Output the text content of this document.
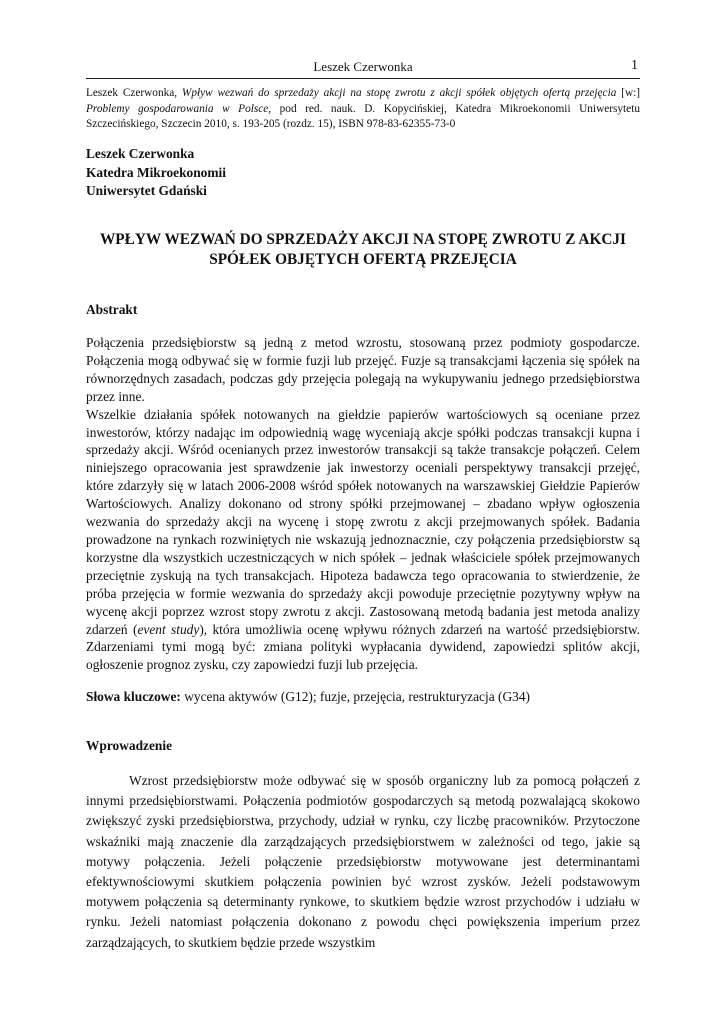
Leszek Czerwonka	1
Leszek Czerwonka, Wpływ wezwań do sprzedaży akcji na stopę zwrotu z akcji spółek objętych ofertą przejęcia [w:] Problemy gospodarowania w Polsce, pod red. nauk. D. Kopycińskiej, Katedra Mikroekonomii Uniwersytetu Szczecińskiego, Szczecin 2010, s. 193-205 (rozdz. 15), ISBN 978-83-62355-73-0
Leszek Czerwonka
Katedra Mikroekonomii
Uniwersytet Gdański
WPŁYW WEZWAŃ DO SPRZEDAŻY AKCJI NA STOPĘ ZWROTU Z AKCJI SPÓŁEK OBJĘTYCH OFERTĄ PRZEJĘCIA
Abstrakt

Połączenia przedsiębiorstw są jedną z metod wzrostu, stosowaną przez podmioty gospodarcze. Połączenia mogą odbywać się w formie fuzji lub przejęć. Fuzje są transakcjami łączenia się spółek na równorzędnych zasadach, podczas gdy przejęcia polegają na wykupywaniu jednego przedsiębiorstwa przez inne.

Wszelkie działania spółek notowanych na giełdzie papierów wartościowych są oceniane przez inwestorów, którzy nadając im odpowiednią wagę wyceniają akcje spółki podczas transakcji kupna i sprzedaży akcji. Wśród ocenianych przez inwestorów transakcji są także transakcje połączeń. Celem niniejszego opracowania jest sprawdzenie jak inwestorzy oceniali perspektywy transakcji przejęć, które zdarzyły się w latach 2006-2008 wśród spółek notowanych na warszawskiej Giełdzie Papierów Wartościowych. Analizy dokonano od strony spółki przejmowanej – zbadano wpływ ogłoszenia wezwania do sprzedaży akcji na wycenę i stopę zwrotu z akcji przejmowanych spółek. Badania prowadzone na rynkach rozwiniętych nie wskazują jednoznacznie, czy połączenia przedsiębiorstw są korzystne dla wszystkich uczestniczących w nich spółek – jednak właściciele spółek przejmowanych przeciętnie zyskują na tych transakcjach. Hipoteza badawcza tego opracowania to stwierdzenie, że próba przejęcia w formie wezwania do sprzedaży akcji powoduje przeciętnie pozytywny wpływ na wycenę akcji poprzez wzrost stopy zwrotu z akcji. Zastosowaną metodą badania jest metoda analizy zdarzeń (event study), która umożliwia ocenę wpływu różnych zdarzeń na wartość przedsiębiorstw. Zdarzeniami tymi mogą być: zmiana polityki wypłacania dywidend, zapowiedzi splitów akcji, ogłoszenie prognoz zysku, czy zapowiedzi fuzji lub przejęcia.

Słowa kluczowe: wycena aktywów (G12); fuzje, przejęcia, restrukturyzacja (G34)
Wprowadzenie

Wzrost przedsiębiorstw może odbywać się w sposób organiczny lub za pomocą połączeń z innymi przedsiębiorstwami. Połączenia podmiotów gospodarczych są metodą pozwalającą skokowo zwiększyć zyski przedsiębiorstwa, przychody, udział w rynku, czy liczbę pracowników. Przytoczone wskaźniki mają znaczenie dla zarządzających przedsiębiorstwem w zależności od tego, jakie są motywy połączenia. Jeżeli połączenie przedsiębiorstw motywowane jest determinantami efektywnościowymi skutkiem połączenia powinien być wzrost zysków. Jeżeli podstawowym motywem połączenia są determinanty rynkowe, to skutkiem będzie wzrost przychodów i udziału w rynku. Jeżeli natomiast połączenia dokonano z powodu chęci powiększenia imperium przez zarządzających, to skutkiem będzie przede wszystkim
